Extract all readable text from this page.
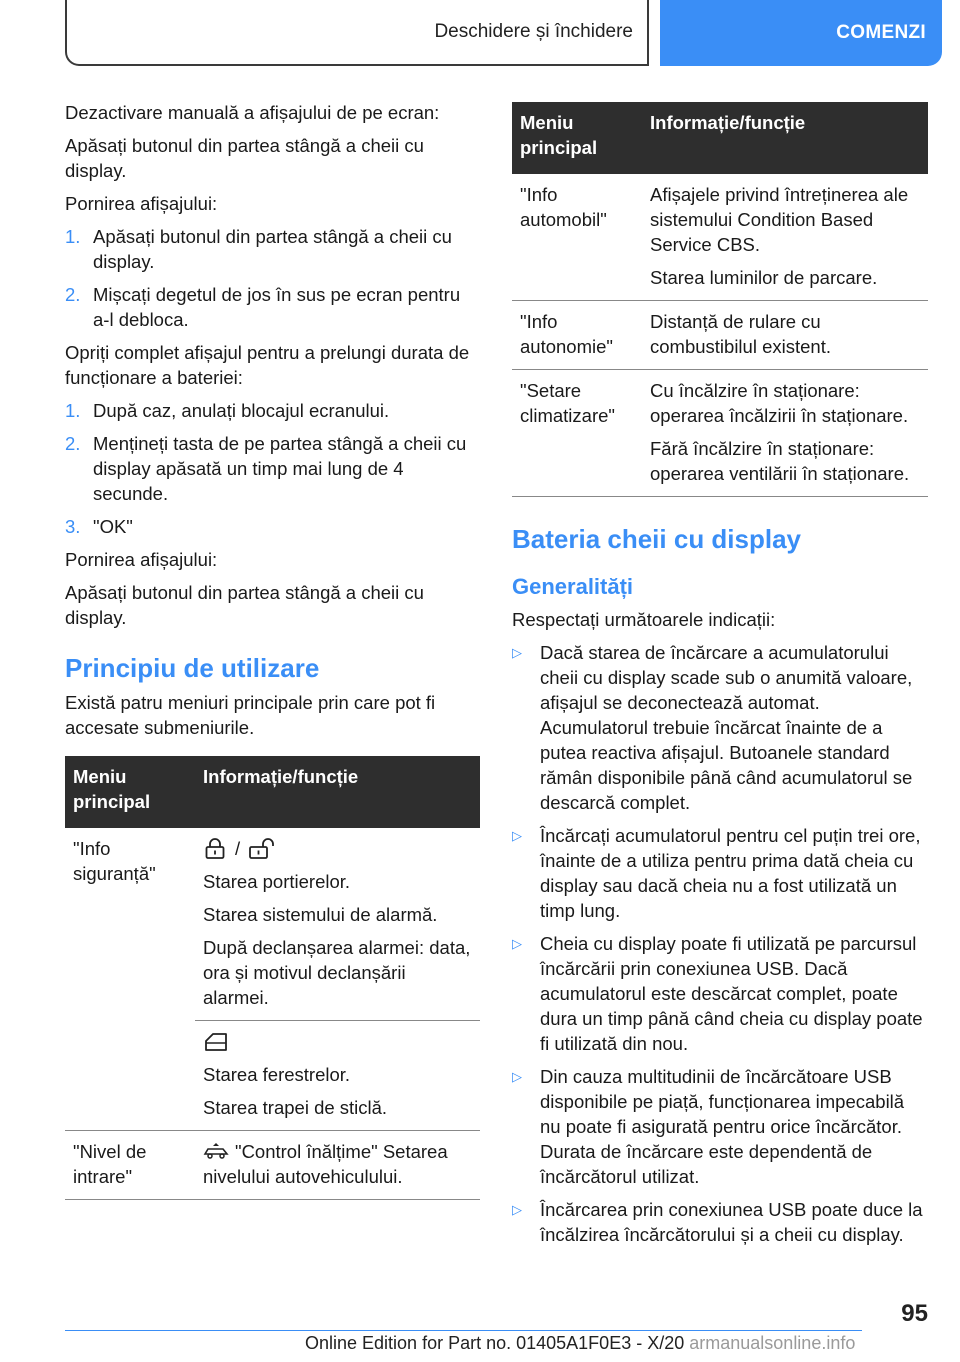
Deschidere și închidere	COMENZI

Dezactivare manuală a afișajului de pe ecran:

Apăsați butonul din partea stângă a cheii cu display.

Pornirea afișajului:

1. Apăsați butonul din partea stângă a cheii cu display.
2. Mișcați degetul de jos în sus pe ecran pentru a-l debloca.

Opriți complet afișajul pentru a prelungi durata de funcționare a bateriei:

1. După caz, anulați blocajul ecranului.
2. Mențineți tasta de pe partea stângă a cheii cu display apăsată un timp mai lung de 4 secunde.
3. "OK"

Pornirea afișajului:

Apăsați butonul din partea stângă a cheii cu display.

Principiu de utilizare

Există patru meniuri principale prin care pot fi accesate submeniurile.

Meniu principal	Informație/funcție
"Info siguranță"	/

Starea portierelor.

Starea sistemului de alarmă.

După declanșarea alarmei: data, ora și motivul declanșării alarmei.

	Starea ferestrelor.

Starea trapei de sticlă.

"Nivel de intrare"	"Control înălțime" Setarea nivelului autovehiculului.

Meniu principal	Informație/funcție
"Info automobil"	Afișajele privind întreținerea ale sistemului Condition Based Service CBS.

Starea luminilor de parcare.

"Info autonomie"	Distanță de rulare cu combustibilul existent.

"Setare climatizare"	Cu încălzire în staționare: operarea încălzirii în staționare.

Fără încălzire în staționare: operarea ventilării în staționare.

Bateria cheii cu display
Generalități

Respectați următoarele indicații:

▷ Dacă starea de încărcare a acumulatorului cheii cu display scade sub o anumită valoare, afișajul se deconectează automat. Acumulatorul trebuie încărcat înainte de a putea reactiva afișajul. Butoanele standard rămân disponibile până când acumulatorul se descarcă complet.
▷ Încărcați acumulatorul pentru cel puțin trei ore, înainte de a utiliza pentru prima dată cheia cu display sau dacă cheia nu a fost utilizată un timp lung.
▷ Cheia cu display poate fi utilizată pe parcursul încărcării prin conexiunea USB. Dacă acumulatorul este descărcat complet, poate dura un timp până când cheia cu display poate fi utilizată din nou.
▷ Din cauza multitudinii de încărcătoare USB disponibile pe piață, funcționarea impecabilă nu poate fi asigurată pentru orice încărcător. Durata de încărcare este dependentă de încărcătorul utilizat.
▷ Încărcarea prin conexiunea USB poate duce la încălzirea încărcătorului și a cheii cu display.
95
Online Edition for Part no. 01405A1F0E3 - X/20 armanualsonline.info
